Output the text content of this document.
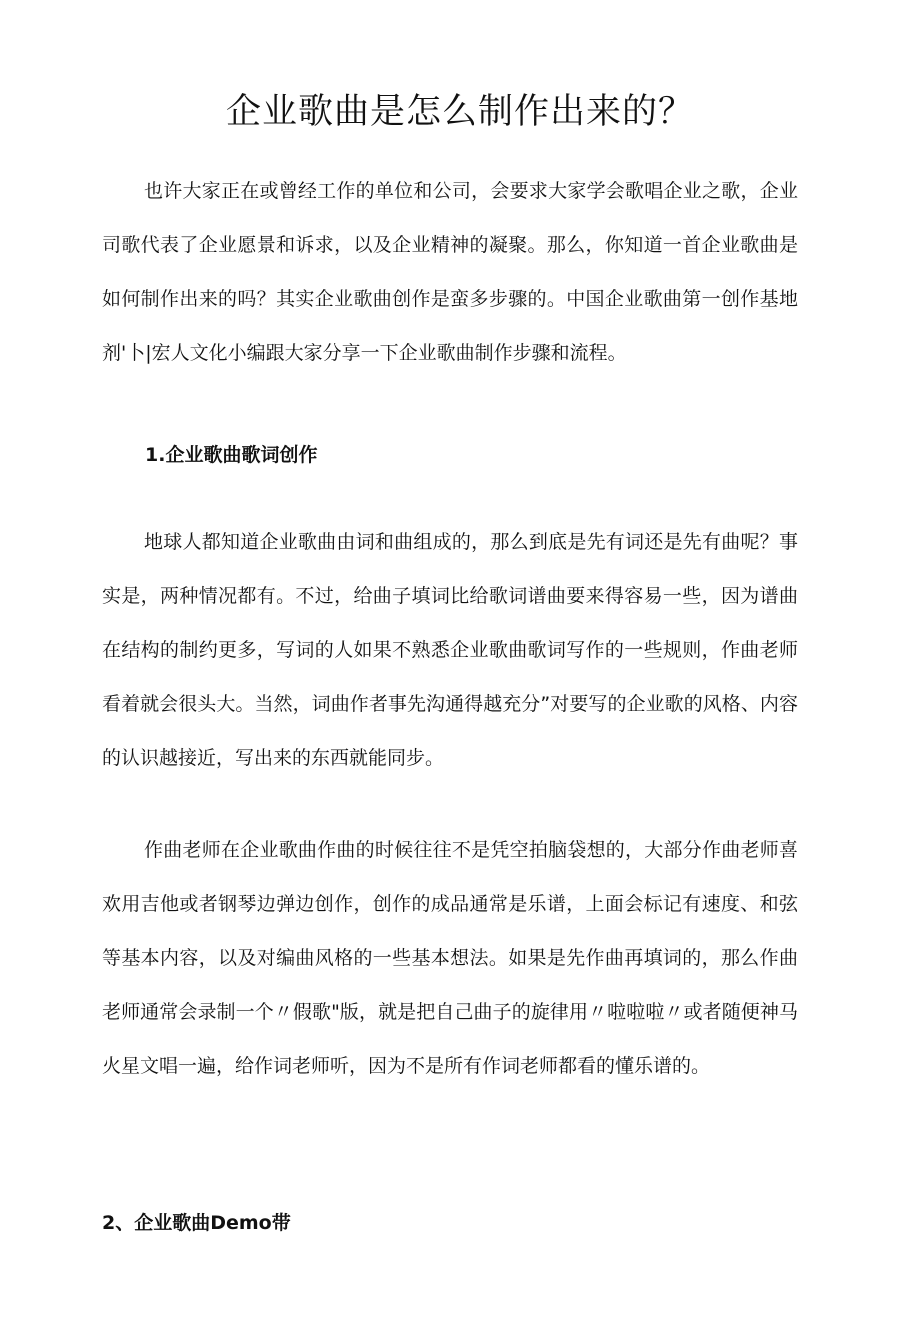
企业歌曲是怎么制作出来的？

也许大家正在或曾经工作的单位和公司，会要求大家学会歌唱企业之歌，企业司歌代表了企业愿景和诉求，以及企业精神的凝聚。那么，你知道一首企业歌曲是如何制作出来的吗？其实企业歌曲创作是蛮多步骤的。中国企业歌曲第一创作基地剂'卜|宏人文化小编跟大家分享一下企业歌曲制作步骤和流程。

1.企业歌曲歌词创作

地球人都知道企业歌曲由词和曲组成的，那么到底是先有词还是先有曲呢？事实是，两种情况都有。不过，给曲子填词比给歌词谱曲要来得容易一些，因为谱曲在结构的制约更多，写词的人如果不熟悉企业歌曲歌词写作的一些规则，作曲老师看着就会很头大。当然，词曲作者事先沟通得越充分”对要写的企业歌的风格、内容的认识越接近，写出来的东西就能同步。

作曲老师在企业歌曲作曲的时候往往不是凭空拍脑袋想的，大部分作曲老师喜欢用吉他或者钢琴边弹边创作，创作的成品通常是乐谱，上面会标记有速度、和弦等基本内容，以及对编曲风格的一些基本想法。如果是先作曲再填词的，那么作曲老师通常会录制一个〃假歌"版，就是把自己曲子的旋律用〃啦啦啦〃或者随便神马火星文唱一遍，给作词老师听，因为不是所有作词老师都看的懂乐谱的。

2、企业歌曲Demo带
